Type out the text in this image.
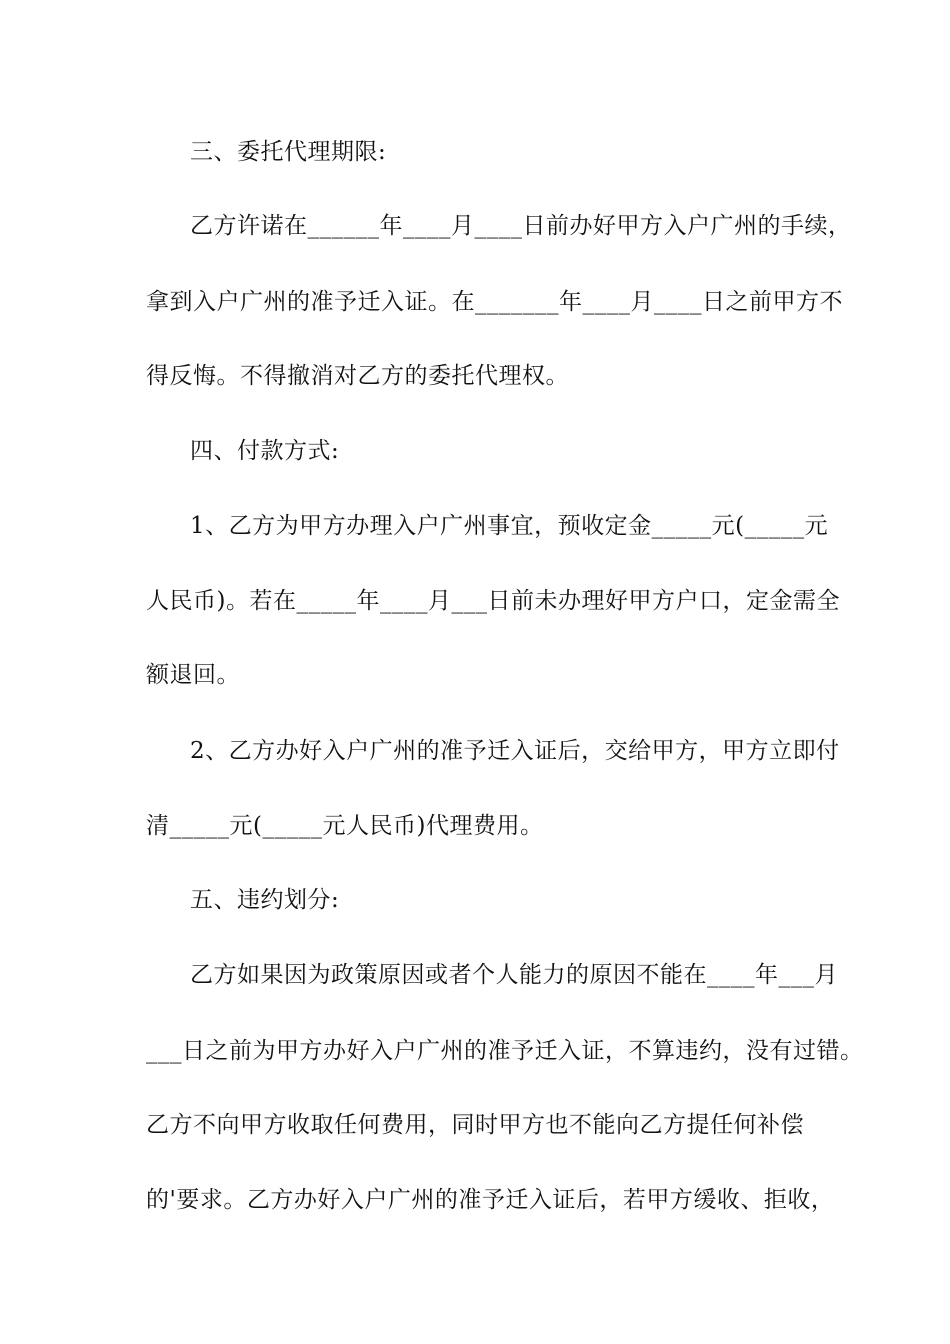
三、委托代理期限:
乙方许诺在______年____月____日前办好甲方入户广州的手续，
拿到入户广州的准予迁入证。在_______年____月____日之前甲方不
得反悔。不得撤消对乙方的委托代理权。
四、付款方式:
1、乙方为甲方办理入户广州事宜，预收定金_____元(_____元
人民币)。若在_____年____月___日前未办理好甲方户口，定金需全
额退回。
2、乙方办好入户广州的准予迁入证后，交给甲方，甲方立即付
清_____元(_____元人民币)代理费用。
五、违约划分:
乙方如果因为政策原因或者个人能力的原因不能在____年___月
___日之前为甲方办好入户广州的准予迁入证，不算违约，没有过错。
乙方不向甲方收取任何费用，同时甲方也不能向乙方提任何补偿
的'要求。乙方办好入户广州的准予迁入证后，若甲方缓收、拒收，
